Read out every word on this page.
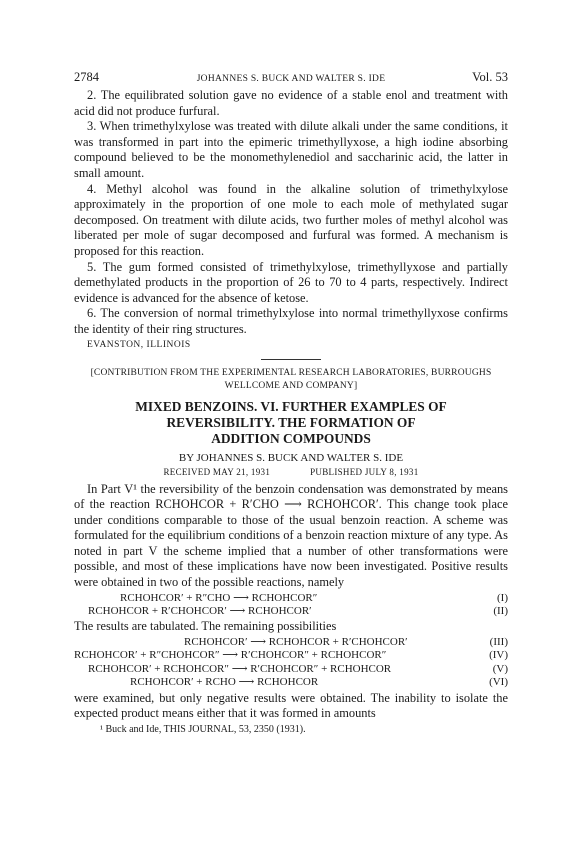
2784	JOHANNES S. BUCK AND WALTER S. IDE	Vol. 53

2. The equilibrated solution gave no evidence of a stable enol and treatment with acid did not produce furfural.

3. When trimethylxylose was treated with dilute alkali under the same conditions, it was transformed in part into the epimeric trimethyllyxose, a high iodine absorbing compound believed to be the monomethylenediol and saccharinic acid, the latter in small amount.

4. Methyl alcohol was found in the alkaline solution of trimethylxylose approximately in the proportion of one mole to each mole of methylated sugar decomposed. On treatment with dilute acids, two further moles of methyl alcohol was liberated per mole of sugar decomposed and furfural was formed. A mechanism is proposed for this reaction.

5. The gum formed consisted of trimethylxylose, trimethyllyxose and partially demethylated products in the proportion of 26 to 70 to 4 parts, respectively. Indirect evidence is advanced for the absence of ketose.

6. The conversion of normal trimethylxylose into normal trimethyllyxose confirms the identity of their ring structures.

EVANSTON, ILLINOIS
[CONTRIBUTION FROM THE EXPERIMENTAL RESEARCH LABORATORIES, BURROUGHS WELLCOME AND COMPANY]
MIXED BENZOINS. VI. FURTHER EXAMPLES OF
REVERSIBILITY. THE FORMATION OF
ADDITION COMPOUNDS
BY JOHANNES S. BUCK AND WALTER S. IDE
RECEIVED MAY 21, 1931	PUBLISHED JULY 8, 1931

In Part V¹ the reversibility of the benzoin condensation was demonstrated by means of the reaction RCHOHCOR + R′CHO ⟶ RCHOHCOR′. This change took place under conditions comparable to those of the usual benzoin reaction. A scheme was formulated for the equilibrium conditions of a benzoin reaction mixture of any type. As noted in part V the scheme implied that a number of other transformations were possible, and most of these implications have now been investigated. Positive results were obtained in two of the possible reactions, namely

RCHOHCOR′ + R″CHO ⟶ RCHOHCOR″	(I)
RCHOHCOR + R′CHOHCOR′ ⟶ RCHOHCOR′	(II)

The results are tabulated. The remaining possibilities

RCHOHCOR′ ⟶ RCHOHCOR + R′CHOHCOR′	(III)
RCHOHCOR′ + R″CHOHCOR″ ⟶ R′CHOHCOR″ + RCHOHCOR″	(IV)
RCHOHCOR′ + RCHOHCOR″ ⟶ R′CHOHCOR″ + RCHOHCOR	(V)
RCHOHCOR′ + RCHO ⟶ RCHOHCOR	(VI)

were examined, but only negative results were obtained. The inability to isolate the expected product means either that it was formed in amounts

¹ Buck and Ide, THIS JOURNAL, 53, 2350 (1931).
